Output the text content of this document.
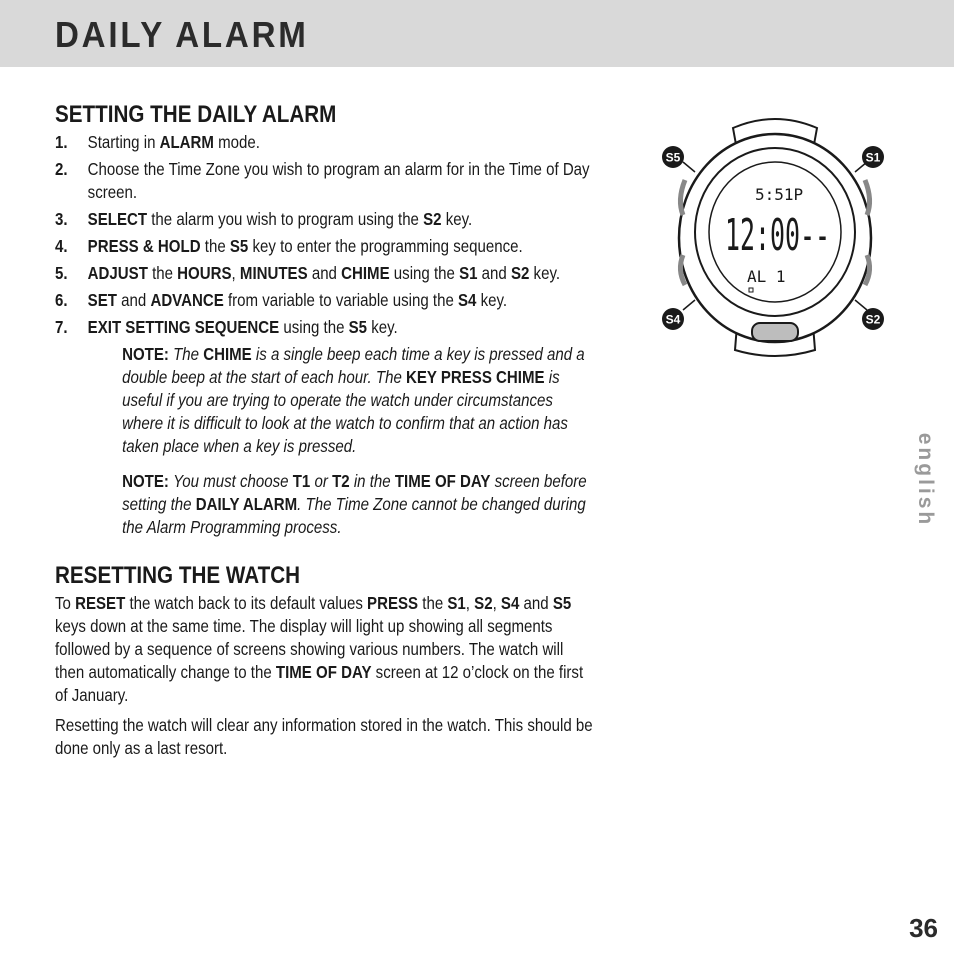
DAILY ALARM
SETTING THE DAILY ALARM
1. Starting in ALARM mode.
2. Choose the Time Zone you wish to program an alarm for in the Time of Day screen.
3. SELECT the alarm you wish to program using the S2 key.
4. PRESS & HOLD the S5 key to enter the programming sequence.
5. ADJUST the HOURS, MINUTES and CHIME using the S1 and S2 key.
6. SET and ADVANCE from variable to variable using the S4 key.
7. EXIT SETTING SEQUENCE using the S5 key.
NOTE: The CHIME is a single beep each time a key is pressed and a double beep at the start of each hour. The KEY PRESS CHIME is useful if you are trying to operate the watch under circumstances where it is difficult to look at the watch to confirm that an action has taken place when a key is pressed.
NOTE: You must choose T1 or T2 in the TIME OF DAY screen before setting the DAILY ALARM. The Time Zone cannot be changed during the Alarm Programming process.
RESETTING THE WATCH

To RESET the watch back to its default values PRESS the S1, S2, S4 and S5 keys down at the same time. The display will light up showing all segments followed by a sequence of screens showing various numbers. The watch will then automatically change to the TIME OF DAY screen at 12 o’clock on the first of January.

Resetting the watch will clear any information stored in the watch. This should be done only as a last resort.

5:51P
12:00--
AL 1
S5	S1
S4	S2
english
36
